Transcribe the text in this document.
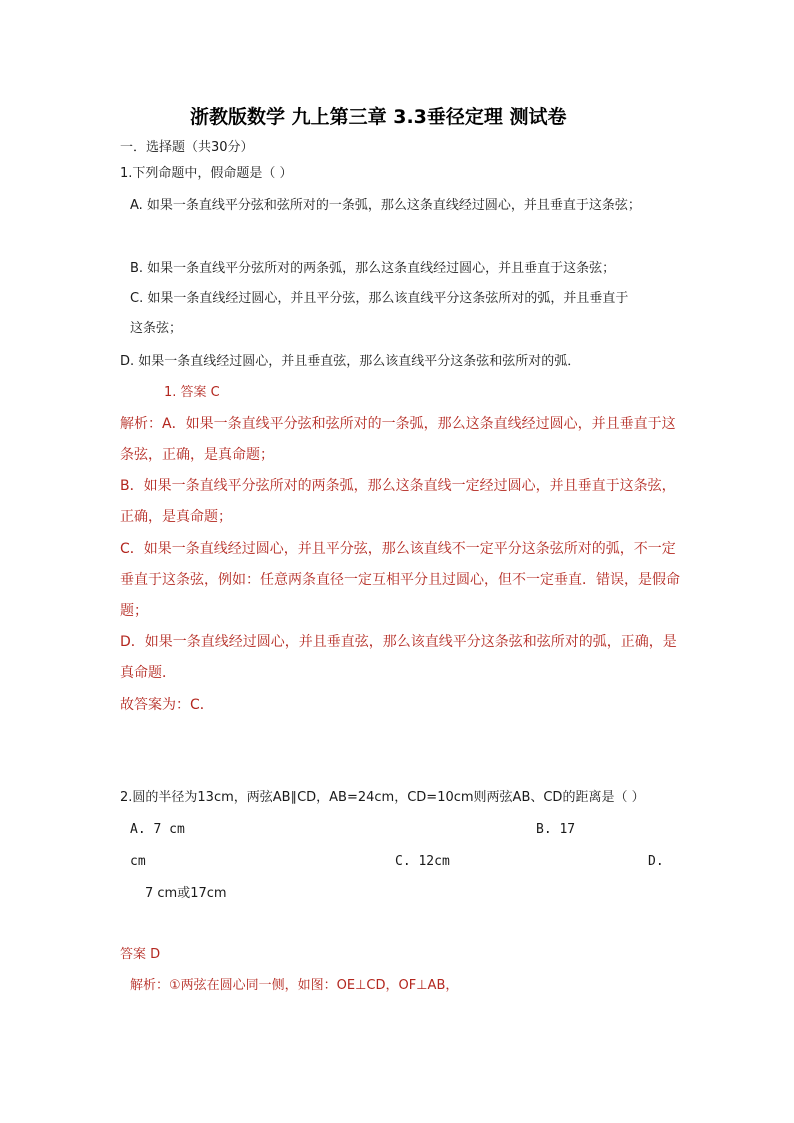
浙教版数学 九上第三章 3.3垂径定理 测试卷
一．选择题（共30分）
1.下列命题中，假命题是（ ）
A. 如果一条直线平分弦和弦所对的一条弧，那么这条直线经过圆心，并且垂直于这条弦；
B. 如果一条直线平分弦所对的两条弧，那么这条直线经过圆心，并且垂直于这条弦；
C. 如果一条直线经过圆心，并且平分弦，那么该直线平分这条弦所对的弧，并且垂直于
这条弦；
D. 如果一条直线经过圆心，并且垂直弦，那么该直线平分这条弦和弦所对的弧．
1. 答案 C
解析：A．如果一条直线平分弦和弦所对的一条弧，那么这条直线经过圆心，并且垂直于这
条弦，正确，是真命题；
B．如果一条直线平分弦所对的两条弧，那么这条直线一定经过圆心，并且垂直于这条弦，
正确，是真命题；
C．如果一条直线经过圆心，并且平分弦，那么该直线不一定平分这条弦所对的弧，不一定
垂直于这条弦，例如：任意两条直径一定互相平分且过圆心，但不一定垂直．错误，是假命
题；
D．如果一条直线经过圆心，并且垂直弦，那么该直线平分这条弦和弦所对的弧，正确，是
真命题．
故答案为：C．
2.圆的半径为13cm，两弦AB∥CD，AB=24cm，CD=10cm则两弦AB、CD的距离是（ ）
A. 7 cm	B. 17
cm	C. 12cm	D.
7 cm或17cm
答案 D
解析：①两弦在圆心同一侧，如图：OE⊥CD，OF⊥AB，
